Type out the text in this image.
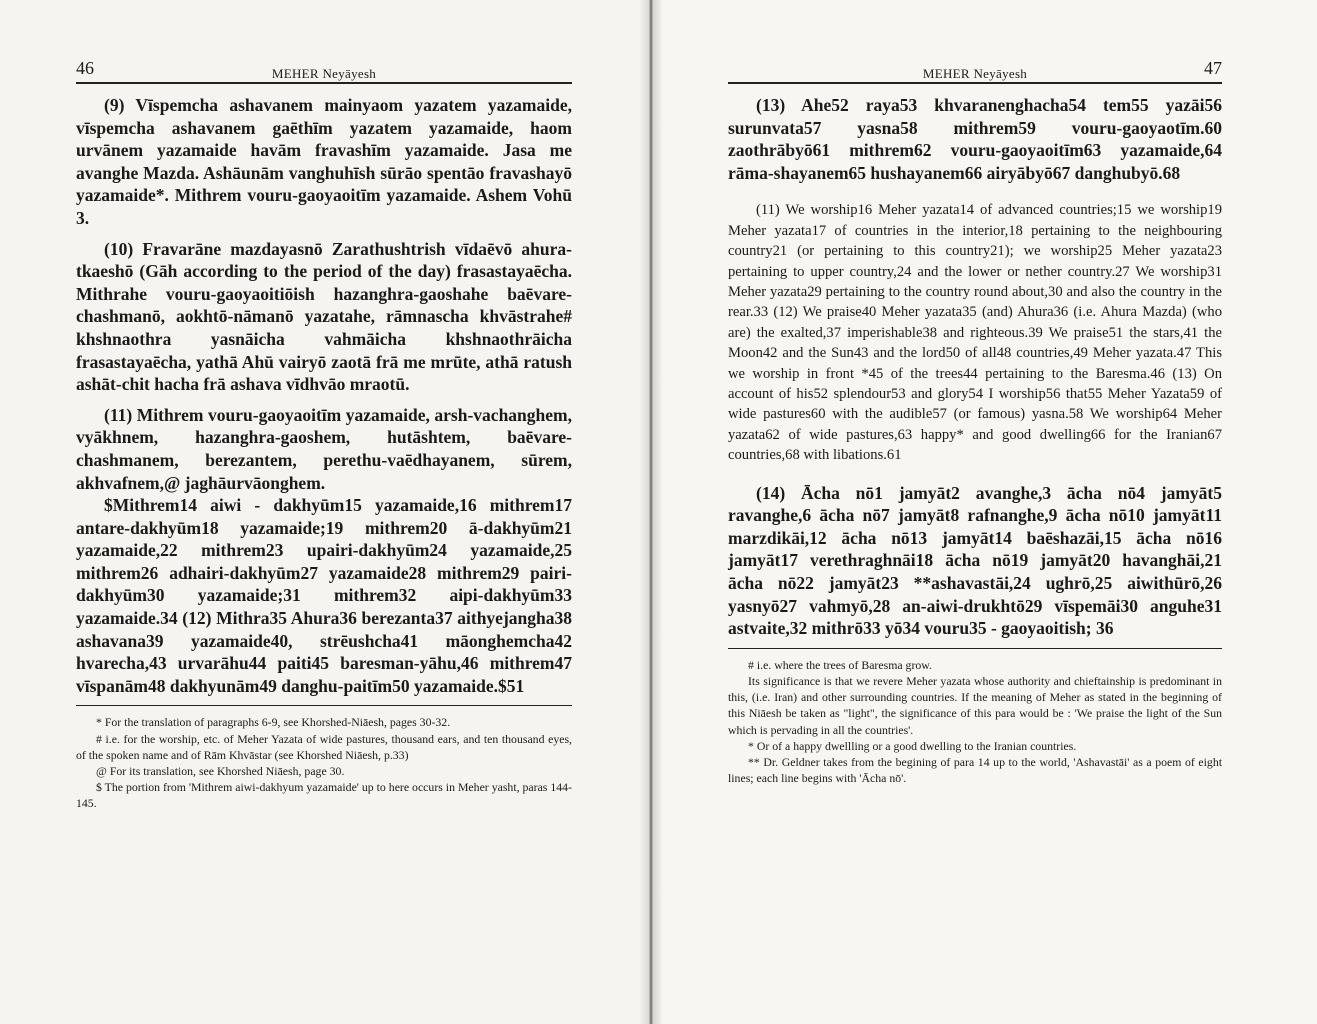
46	MEHER Neyāyesh

(9) Vīspemcha ashavanem mainyaom yazatem yazamaide, vīspemcha ashavanem gaēthīm yazatem yazamaide, haom urvānem yazamaide havām fravashīm yazamaide. Jasa me avanghe Mazda. Ashāunām vanghuhīsh sūrāo spentāo fravashayō yazamaide*. Mithrem vouru-gaoyaoitīm yazamaide. Ashem Vohū 3.

(10) Fravarāne mazdayasnō Zarathushtrish vīdaēvō ahura-tkaeshō (Gāh according to the period of the day) frasastayaēcha. Mithrahe vouru-gaoyaoitiōish hazanghra-gaoshahe baēvare-chashmanō, aokhtō-nāmanō yazatahe, rāmnascha khvāstrahe# khshnaothra yasnāicha vahmāicha khshnaothrāicha frasastayaēcha, yathā Ahū vairyō zaotā frā me mrūte, athā ratush ashāt-chit hacha frā ashava vīdhvāo mraotū.

(11) Mithrem vouru-gaoyaoitīm yazamaide, arsh-vachanghem, vyākhnem, hazanghra-gaoshem, hutāshtem, baēvare-chashmanem, berezantem, perethu-vaēdhayanem, sūrem, akhvafnem,@ jaghāurvāonghem.

$Mithrem14 aiwi - dakhyūm15 yazamaide,16 mithrem17 antare-dakhyūm18 yazamaide;19 mithrem20 ā-dakhyūm21 yazamaide,22 mithrem23 upairi-dakhyūm24 yazamaide,25 mithrem26 adhairi-dakhyūm27 yazamaide28 mithrem29 pairi-dakhyūm30 yazamaide;31 mithrem32 aipi-dakhyūm33 yazamaide.34 (12) Mithra35 Ahura36 berezanta37 aithyejangha38 ashavana39 yazamaide40, strēushcha41 māonghemcha42 hvarecha,43 urvarāhu44 paiti45 baresman-yāhu,46 mithrem47 vīspanām48 dakhyunām49 danghu-paitīm50 yazamaide.$51

* For the translation of paragraphs 6-9, see Khorshed-Niāesh, pages 30-32.

# i.e. for the worship, etc. of Meher Yazata of wide pastures, thousand ears, and ten thousand eyes, of the spoken name and of Rām Khvāstar (see Khorshed Niāesh, p.33)

@ For its translation, see Khorshed Niāesh, page 30.

$ The portion from 'Mithrem aiwi-dakhyum yazamaide' up to here occurs in Meher yasht, paras 144-145.

47
MEHER Neyāyesh

(13) Ahe52 raya53 khvaranenghacha54 tem55 yazāi56 surunvata57 yasna58 mithrem59 vouru-gaoyaotīm.60 zaothrābyō61 mithrem62 vouru-gaoyaoitīm63 yazamaide,64 rāma-shayanem65 hushayanem66 airyābyō67 danghubyō.68

(11) We worship16 Meher yazata14 of advanced countries;15 we worship19 Meher yazata17 of countries in the interior,18 pertaining to the neighbouring country21 (or pertaining to this country21); we worship25 Meher yazata23 pertaining to upper country,24 and the lower or nether country.27 We worship31 Meher yazata29 pertaining to the country round about,30 and also the country in the rear.33 (12) We praise40 Meher yazata35 (and) Ahura36 (i.e. Ahura Mazda) (who are) the exalted,37 imperishable38 and righteous.39 We praise51 the stars,41 the Moon42 and the Sun43 and the lord50 of all48 countries,49 Meher yazata.47 This we worship in front *45 of the trees44 pertaining to the Baresma.46 (13) On account of his52 splendour53 and glory54 I worship56 that55 Meher Yazata59 of wide pastures60 with the audible57 (or famous) yasna.58 We worship64 Meher yazata62 of wide pastures,63 happy* and good dwelling66 for the Iranian67 countries,68 with libations.61

(14) Ācha nō1 jamyāt2 avanghe,3 ācha nō4 jamyāt5 ravanghe,6 ācha nō7 jamyāt8 rafnanghe,9 ācha nō10 jamyāt11 marzdikāi,12 ācha nō13 jamyāt14 baēshazāi,15 ācha nō16 jamyāt17 verethraghnāi18 ācha nō19 jamyāt20 havanghāi,21 ācha nō22 jamyāt23 **ashavastāi,24 ughrō,25 aiwithūrō,26 yasnyō27 vahmyō,28 an-aiwi-drukhtō29 vīspemāi30 anguhe31 astvaite,32 mithrō33 yō34 vouru35 - gaoyaoitish; 36

# i.e. where the trees of Baresma grow.

Its significance is that we revere Meher yazata whose authority and chieftainship is predominant in this, (i.e. Iran) and other surrounding countries. If the meaning of Meher as stated in the beginning of this Niāesh be taken as "light", the significance of this para would be : 'We praise the light of the Sun which is pervading in all the countries'.

* Or of a happy dwellling or a good dwelling to the Iranian countries.

** Dr. Geldner takes from the begining of para 14 up to the world, 'Ashavastāi' as a poem of eight lines; each line begins with 'Ācha nō'.
